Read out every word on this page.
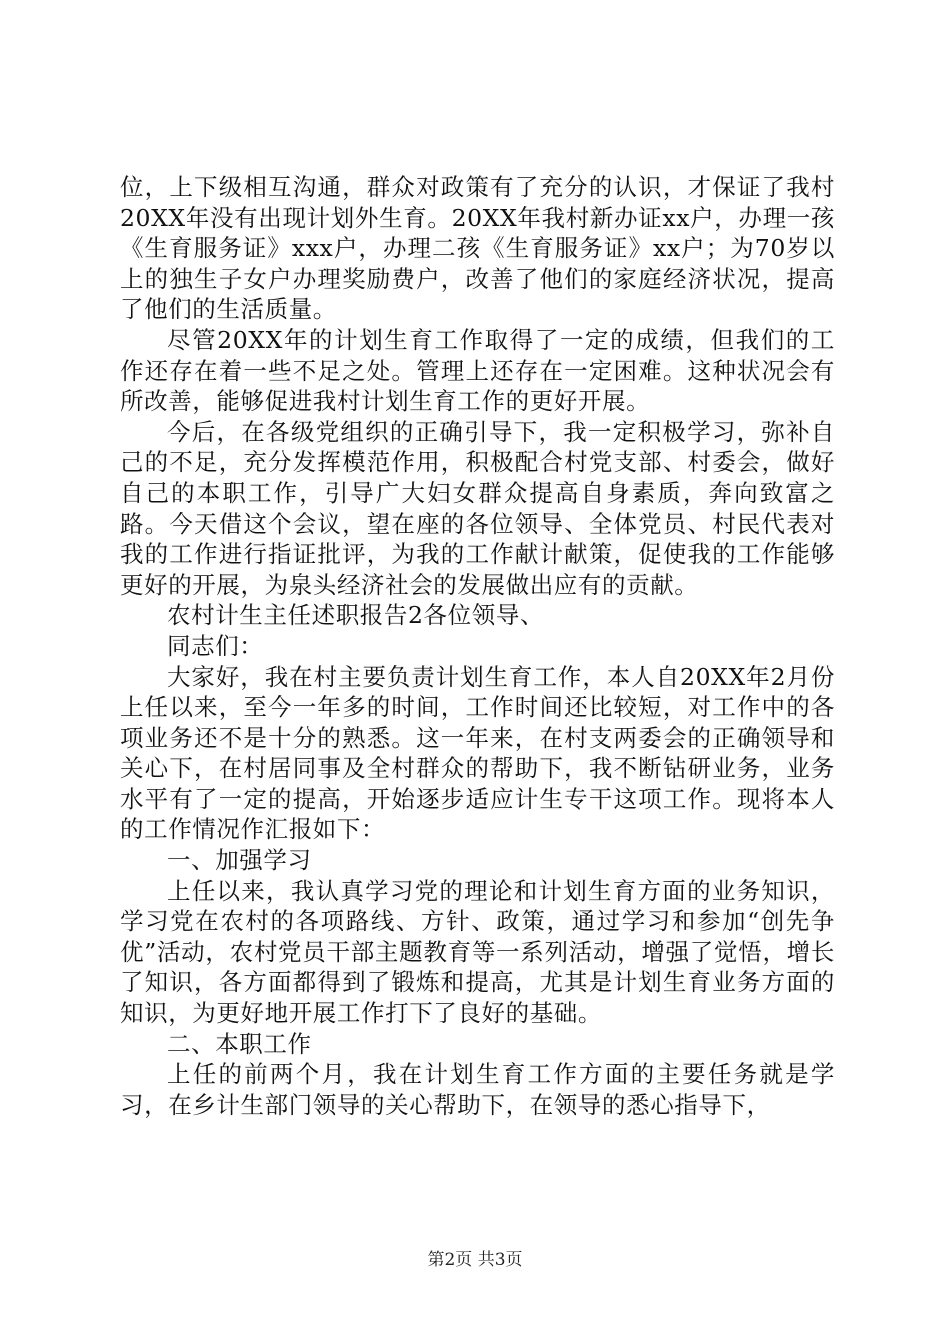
位，上下级相互沟通，群众对政策有了充分的认识，才保证了我村20XX年没有出现计划外生育。20XX年我村新办证xx户，办理一孩《生育服务证》xxx户，办理二孩《生育服务证》xx户；为70岁以上的独生子女户办理奖励费户，改善了他们的家庭经济状况，提高了他们的生活质量。

尽管20XX年的计划生育工作取得了一定的成绩，但我们的工作还存在着一些不足之处。管理上还存在一定困难。这种状况会有所改善，能够促进我村计划生育工作的更好开展。

今后，在各级党组织的正确引导下，我一定积极学习，弥补自己的不足，充分发挥模范作用，积极配合村党支部、村委会，做好自己的本职工作，引导广大妇女群众提高自身素质，奔向致富之路。今天借这个会议，望在座的各位领导、全体党员、村民代表对我的工作进行指证批评，为我的工作献计献策，促使我的工作能够更好的开展，为泉头经济社会的发展做出应有的贡献。

农村计生主任述职报告2各位领导、

同志们：

大家好，我在村主要负责计划生育工作，本人自20XX年2月份上任以来，至今一年多的时间，工作时间还比较短，对工作中的各项业务还不是十分的熟悉。这一年来，在村支两委会的正确领导和关心下，在村居同事及全村群众的帮助下，我不断钻研业务，业务水平有了一定的提高，开始逐步适应计生专干这项工作。现将本人的工作情况作汇报如下：

一、加强学习

上任以来，我认真学习党的理论和计划生育方面的业务知识，学习党在农村的各项路线、方针、政策，通过学习和参加“创先争优”活动，农村党员干部主题教育等一系列活动，增强了觉悟，增长了知识，各方面都得到了锻炼和提高，尤其是计划生育业务方面的知识，为更好地开展工作打下了良好的基础。

二、本职工作

上任的前两个月，我在计划生育工作方面的主要任务就是学习，在乡计生部门领导的关心帮助下，在领导的悉心指导下，

第2页 共3页
